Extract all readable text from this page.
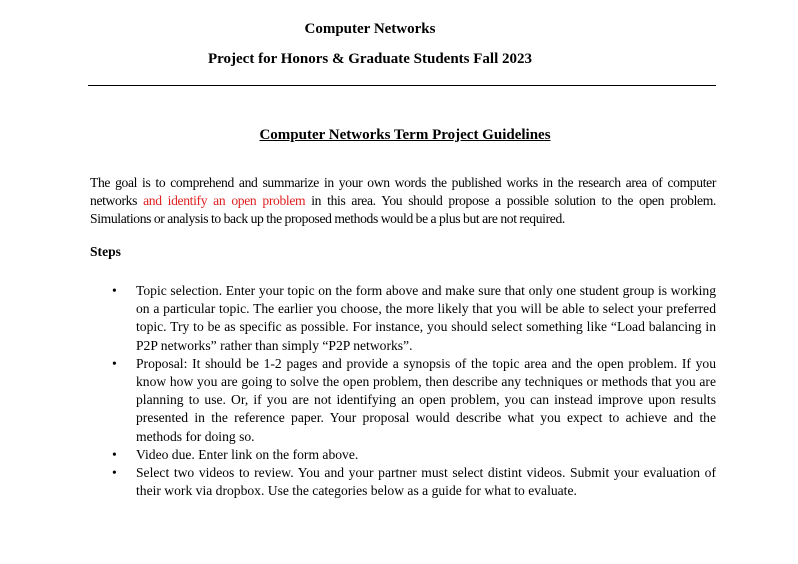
Computer Networks
Project for Honors & Graduate Students Fall 2023
Computer Networks Term Project Guidelines

The goal is to comprehend and summarize in your own words the published works in the research area of computer networks and identify an open problem in this area. You should propose a possible solution to the open problem. Simulations or analysis to back up the proposed methods would be a plus but are not required.

Steps
• Topic selection. Enter your topic on the form above and make sure that only one student group is working on a particular topic. The earlier you choose, the more likely that you will be able to select your preferred topic. Try to be as specific as possible. For instance, you should select something like “Load balancing in P2P networks” rather than simply “P2P networks”.
• Proposal: It should be 1-2 pages and provide a synopsis of the topic area and the open problem. If you know how you are going to solve the open problem, then describe any techniques or methods that you are planning to use. Or, if you are not identifying an open problem, you can instead improve upon results presented in the reference paper. Your proposal would describe what you expect to achieve and the methods for doing so.
• Video due. Enter link on the form above.
• Select two videos to review. You and your partner must select distint videos. Submit your evaluation of their work via dropbox. Use the categories below as a guide for what to evaluate.
